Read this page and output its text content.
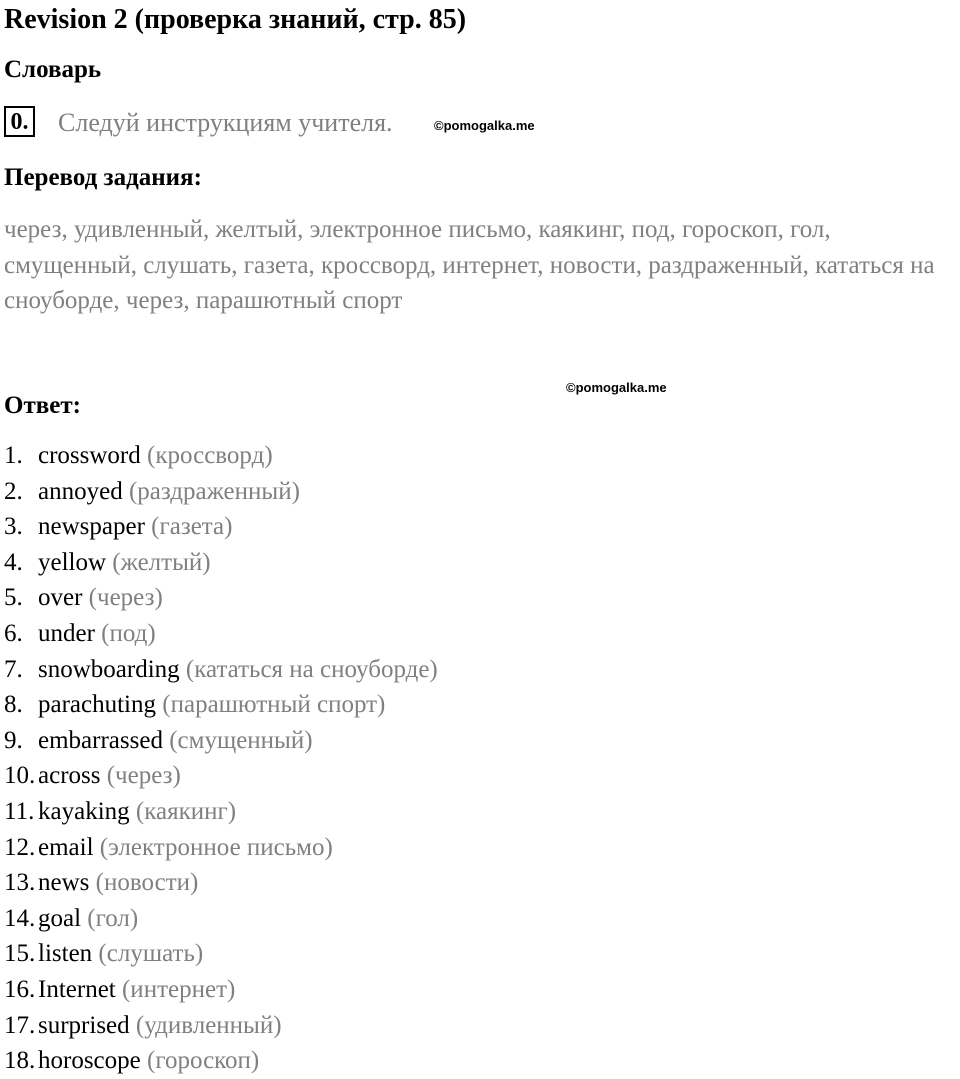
Revision 2 (проверка знаний, стр. 85)
Словарь
0. Следуй инструкциям учителя.	©pomogalka.me
Перевод задания:
через, удивленный, желтый, электронное письмо, каякинг, под, гороскоп, гол, смущенный, слушать, газета, кроссворд, интернет, новости, раздраженный, кататься на сноуборде, через, парашютный спорт
©pomogalka.me
Ответ:
1. crossword (кроссворд)
2. annoyed (раздраженный)
3. newspaper (газета)
4. yellow (желтый)
5. over (через)
6. under (под)
7. snowboarding (кататься на сноуборде)
8. parachuting (парашютный спорт)
9. embarrassed (смущенный)
10. across (через)
11. kayaking (каякинг)
12. email (электронное письмо)
13. news (новости)
14. goal (гол)
15. listen (слушать)
16. Internet (интернет)
17. surprised (удивленный)
18. horoscope (гороскоп)
